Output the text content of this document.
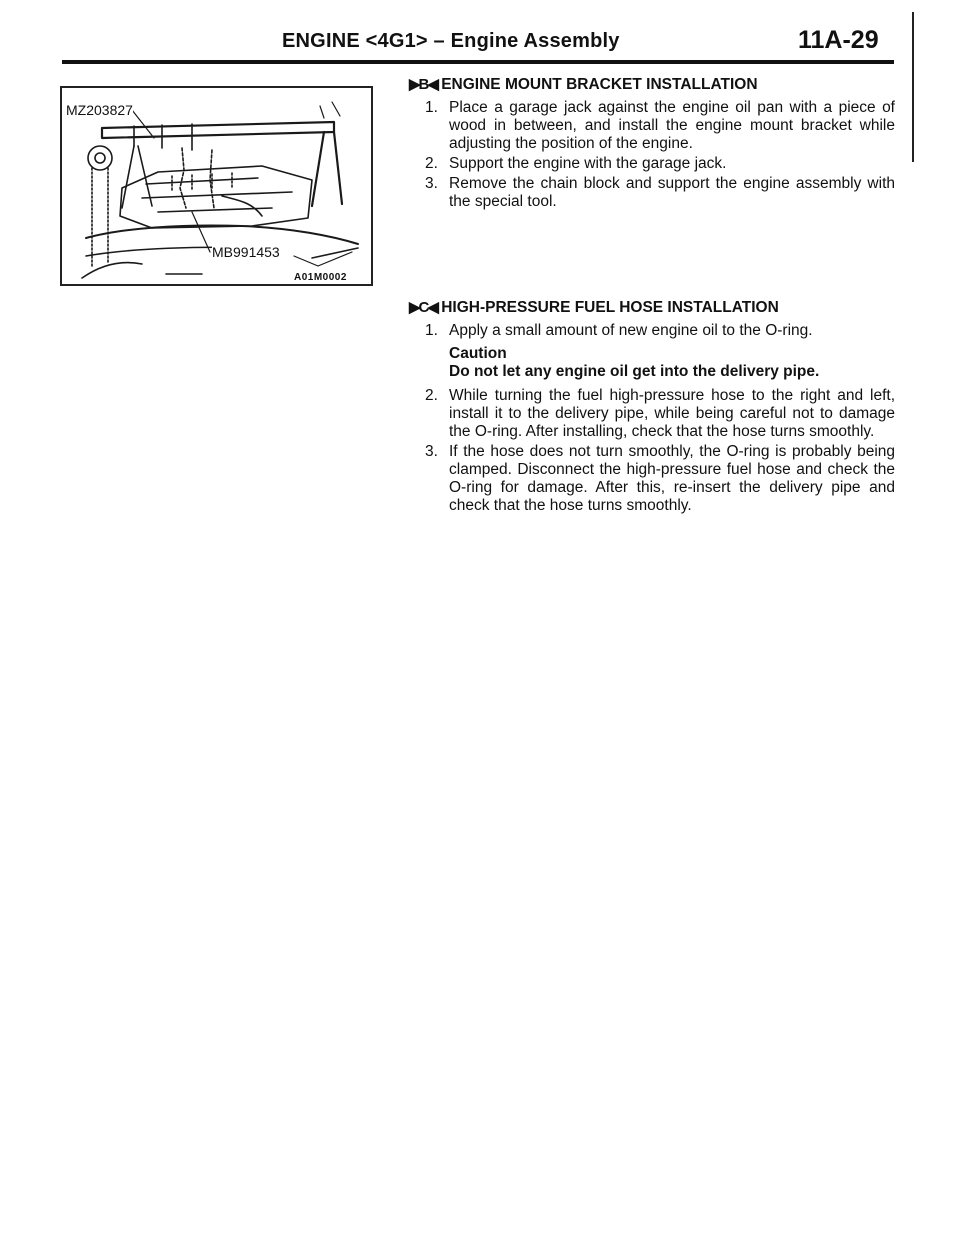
ENGINE <4G1> – Engine Assembly	11A-29
MZ203827
MB991453
A01M0002
▶B◀ ENGINE MOUNT BRACKET INSTALLATION
1. Place a garage jack against the engine oil pan with a piece of wood in between, and install the engine mount bracket while adjusting the position of the engine.
2. Support the engine with the garage jack.
3. Remove the chain block and support the engine assembly with the special tool.
▶C◀ HIGH-PRESSURE FUEL HOSE INSTALLATION
1. Apply a small amount of new engine oil to the O-ring.
Caution
Do not let any engine oil get into the delivery pipe.
2. While turning the fuel high-pressure hose to the right and left, install it to the delivery pipe, while being careful not to damage the O-ring. After installing, check that the hose turns smoothly.
3. If the hose does not turn smoothly, the O-ring is probably being clamped. Disconnect the high-pressure fuel hose and check the O-ring for damage. After this, re-insert the delivery pipe and check that the hose turns smoothly.
